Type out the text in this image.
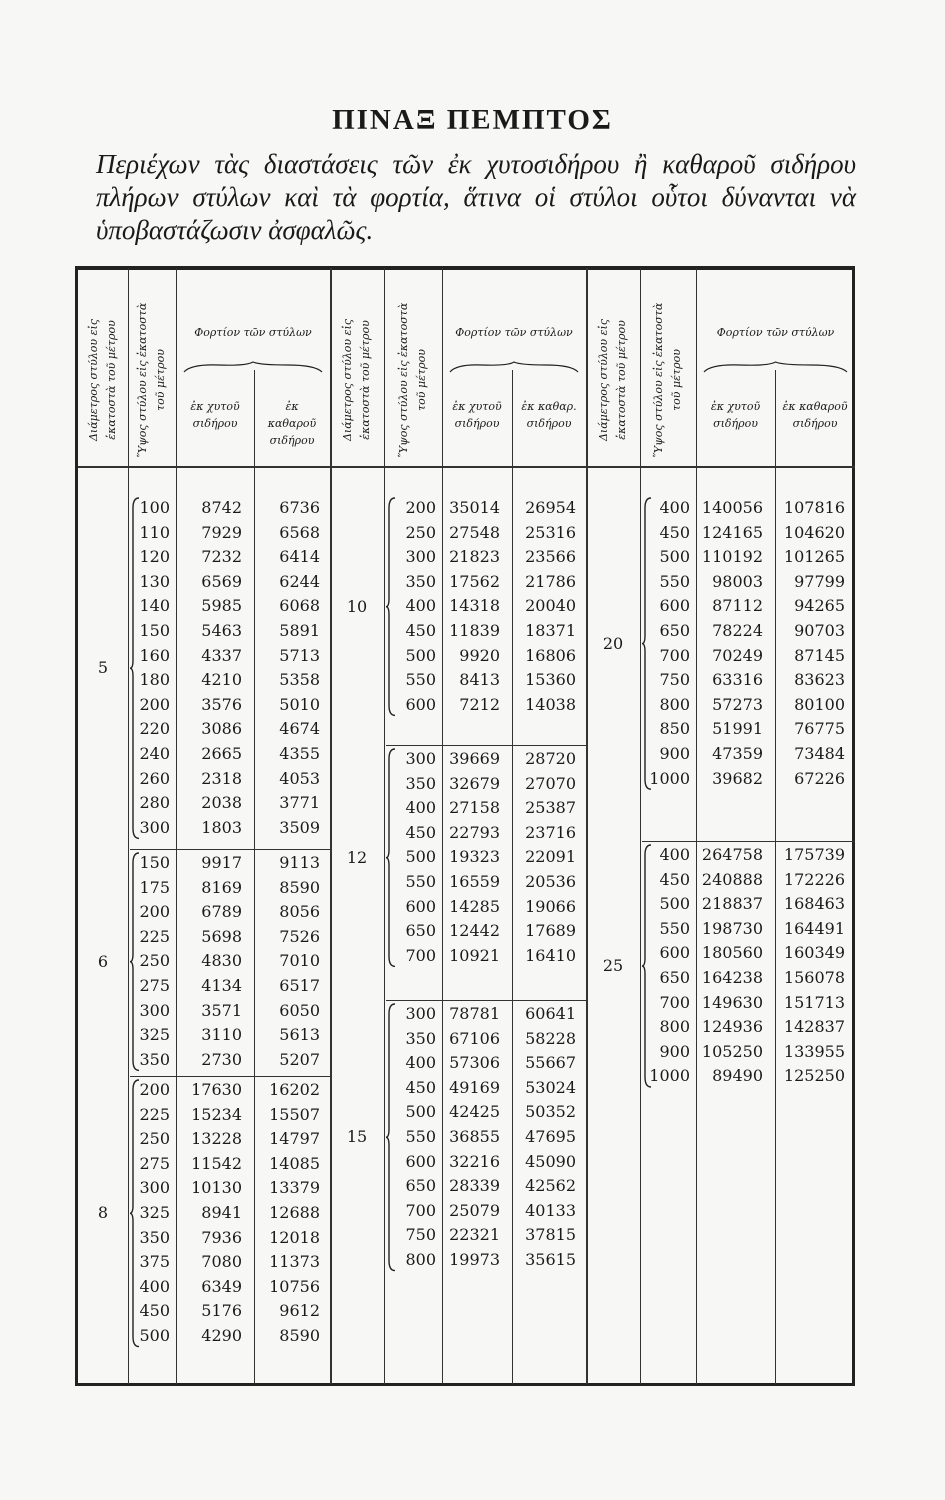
ΠΙΝΑΞ ΠΕΜΠΤΟΣ
Περιέχων τὰς διαστάσεις τῶν ἐκ χυτοσιδήρου ἢ καθαροῦ σιδήρου πλήρων στύλων καὶ τὰ φορτία, ἅτινα οἱ στύλοι οὗτοι δύνανται νὰ ὑποβαστάζωσιν ἀσφαλῶς.
Διάμετρος στύλου εἰς ἑκατοστὰ τοῦ μέτρου Ὕψος στύλου εἰς ἑκατοστὰ τοῦ μέτρου
Φορτίον τῶν στύλων
ἐκ χυτοῦ σιδήρου
ἐκ καθαροῦ σιδήρου
100	8742	6736
110	7929	6568
120	7232	6414
130	6569	6244
140	5985	6068
150	5463	5891
160	4337	5713
180	4210	5358
200	3576	5010
220	3086	4674
240	2665	4355
260	2318	4053
280	2038	3771
300	1803	3509
5
150	9917	9113
175	8169	8590
200	6789	8056
225	5698	7526
250	4830	7010
275	4134	6517
300	3571	6050
325	3110	5613
350	2730	5207
6
200	17630	16202
225	15234	15507
250	13228	14797
275	11542	14085
300	10130	13379
325	8941	12688
350	7936	12018
375	7080	11373
400	6349	10756
450	5176	9612
500	4290	8590
8
Διάμετρος στύλου εἰς ἑκατοστὰ τοῦ μέτρου Ὕψος στύλου εἰς ἑκατοστὰ τοῦ μέτρου
Φορτίον τῶν στύλων
ἐκ χυτοῦ σιδήρου
ἐκ καθαρ. σιδήρου
200 35014	26954
250 27548	25316
300 21823	23566
350 17562	21786
400 14318	20040
450 11839	18371
500	9920	16806
550	8413	15360
600	7212	14038
10
300 39669	28720
350 32679	27070
400 27158	25387
450 22793	23716
500 19323	22091
550 16559	20536
600 14285	19066
650 12442	17689
700 10921	16410
12
300 78781	60641
350 67106	58228
400 57306	55667
450 49169	53024
500 42425	50352
550 36855	47695
600 32216	45090
650 28339	42562
700 25079	40133
750 22321	37815
800 19973	35615
15
Διάμετρος στύλου εἰς ἑκατοστὰ τοῦ μέτρου Ὕψος στύλου εἰς ἑκατοστὰ τοῦ μέτρου
Φορτίον τῶν στύλων
ἐκ χυτοῦ σιδήρου
ἐκ καθαροῦ σιδήρου
400 140056	107816
450 124165	104620
500 110192	101265
550	98003	97799
600	87112	94265
650	78224	90703
700	70249	87145
750	63316	83623
800	57273	80100
850	51991	76775
900	47359	73484
1000	39682	67226
20
400 264758	175739
450 240888	172226
500 218837	168463
550 198730	164491
600 180560	160349
650 164238	156078
700 149630	151713
800 124936	142837
900 105250	133955
1000	89490	125250
25
